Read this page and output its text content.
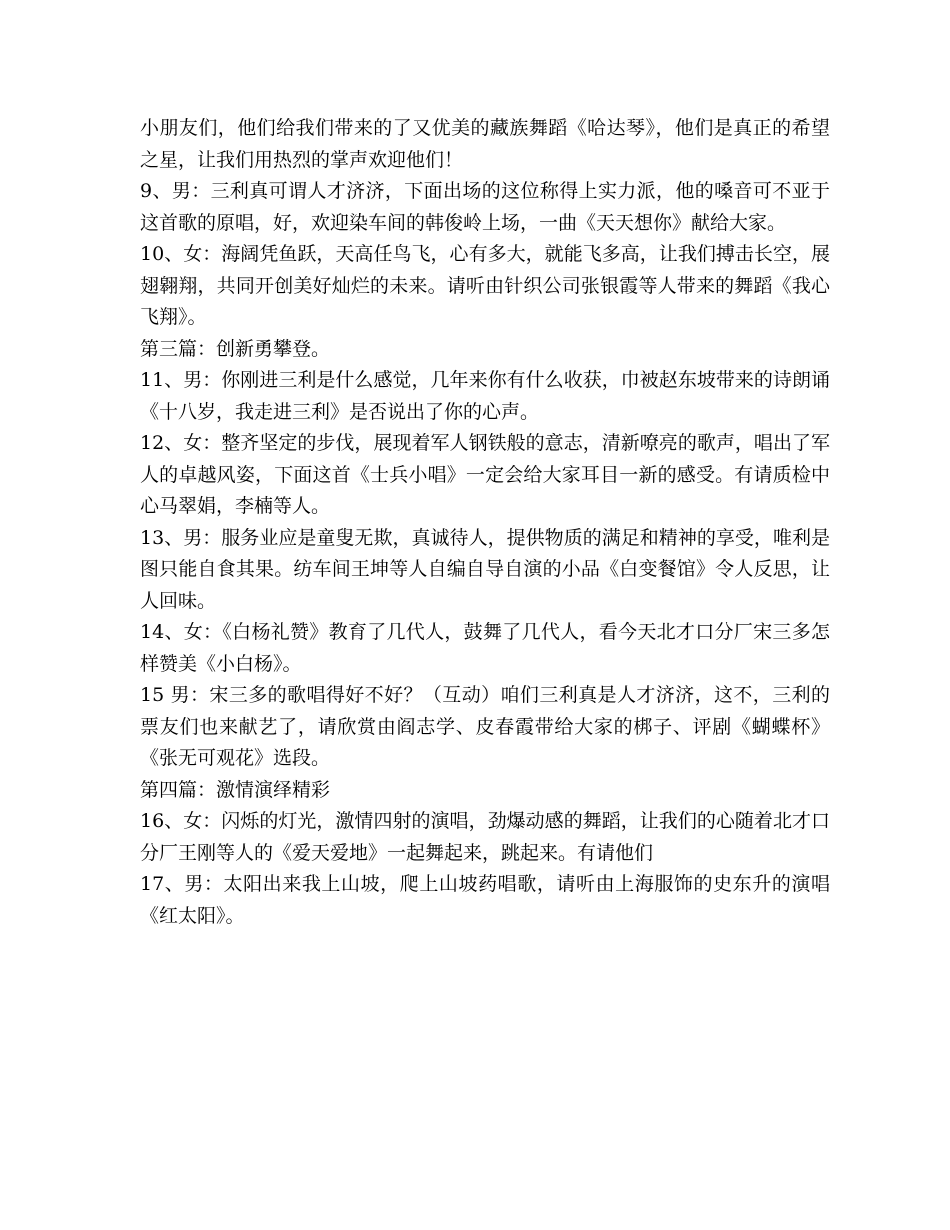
小朋友们，他们给我们带来的了又优美的藏族舞蹈《哈达琴》，他们是真正的希望之星，让我们用热烈的掌声欢迎他们！

9、男：三利真可谓人才济济，下面出场的这位称得上实力派，他的嗓音可不亚于这首歌的原唱，好，欢迎染车间的韩俊岭上场，一曲《天天想你》献给大家。

10、女：海阔凭鱼跃，天高任鸟飞，心有多大，就能飞多高，让我们搏击长空，展翅翱翔，共同开创美好灿烂的未来。请听由针织公司张银霞等人带来的舞蹈《我心飞翔》。

第三篇：创新勇攀登。

11、男：你刚进三利是什么感觉，几年来你有什么收获，巾被赵东坡带来的诗朗诵《十八岁，我走进三利》是否说出了你的心声。

12、女：整齐坚定的步伐，展现着军人钢铁般的意志，清新嘹亮的歌声，唱出了军人的卓越风姿，下面这首《士兵小唱》一定会给大家耳目一新的感受。有请质检中心马翠娟，李楠等人。

13、男：服务业应是童叟无欺，真诚待人，提供物质的满足和精神的享受，唯利是图只能自食其果。纺车间王坤等人自编自导自演的小品《白变餐馆》令人反思，让人回味。

14、女：《白杨礼赞》教育了几代人，鼓舞了几代人，看今天北才口分厂宋三多怎样赞美《小白杨》。

15 男：宋三多的歌唱得好不好？（互动）咱们三利真是人才济济，这不，三利的票友们也来献艺了，请欣赏由阎志学、皮春霞带给大家的梆子、评剧《蝴蝶杯》《张无可观花》选段。

第四篇：激情演绎精彩

16、女：闪烁的灯光，激情四射的演唱，劲爆动感的舞蹈，让我们的心随着北才口分厂王刚等人的《爱天爱地》一起舞起来，跳起来。有请他们

17、男：太阳出来我上山坡，爬上山坡药唱歌，请听由上海服饰的史东升的演唱《红太阳》。
